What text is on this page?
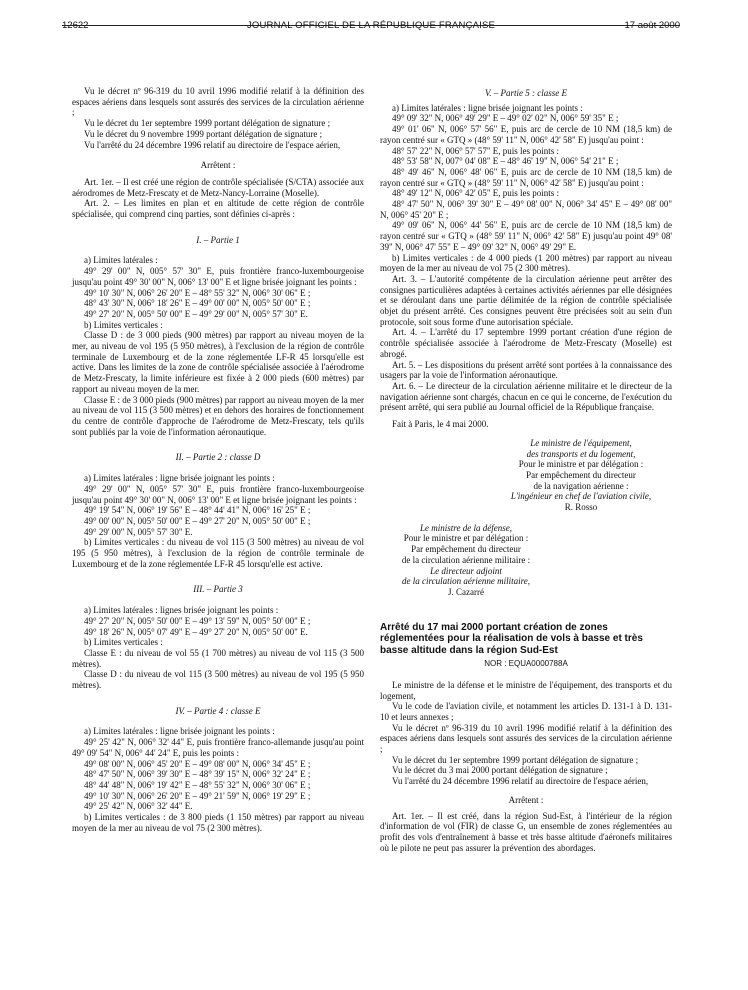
12622	JOURNAL OFFICIEL DE LA RÉPUBLIQUE FRANÇAISE	17 août 2000

Vu le décret nº 96-319 du 10 avril 1996 modifié relatif à la définition des espaces aériens dans lesquels sont assurés des services de la circulation aérienne ;

Vu le décret du 1er septembre 1999 portant délégation de signature ;

Vu le décret du 9 novembre 1999 portant délégation de signature ;

Vu l'arrêté du 24 décembre 1996 relatif au directoire de l'espace aérien,

Arrêtent :

Art. 1er. – Il est créé une région de contrôle spécialisée (S/CTA) associée aux aérodromes de Metz-Frescaty et de Metz-Nancy-Lorraine (Moselle).

Art. 2. – Les limites en plan et en altitude de cette région de contrôle spécialisée, qui comprend cinq parties, sont définies ci-après :

I. – Partie 1

a) Limites latérales :

49° 29' 00" N, 005° 57' 30" E, puis frontière franco-luxembourgeoise jusqu'au point 49° 30' 00" N, 006° 13' 00" E et ligne brisée joignant les points :

49° 10' 30" N, 006° 26' 20" E – 48° 55' 32" N, 006° 30' 06" E ;

48° 43' 30" N, 006° 18' 26" E – 49° 00' 00" N, 005° 50' 00" E ;

49° 27' 20" N, 005° 50' 00" E – 49° 29' 00" N, 005° 57' 30" E.

b) Limites verticales :

Classe D : de 3 000 pieds (900 mètres) par rapport au niveau moyen de la mer, au niveau de vol 195 (5 950 mètres), à l'exclusion de la région de contrôle terminale de Luxembourg et de la zone réglementée LF-R 45 lorsqu'elle est active. Dans les limites de la zone de contrôle spécialisée associée à l'aérodrome de Metz-Frescaty, la limite inférieure est fixée à 2 000 pieds (600 mètres) par rapport au niveau moyen de la mer.

Classe E : de 3 000 pieds (900 mètres) par rapport au niveau moyen de la mer au niveau de vol 115 (3 500 mètres) et en dehors des horaires de fonctionnement du centre de contrôle d'approche de l'aérodrome de Metz-Frescaty, tels qu'ils sont publiés par la voie de l'information aéronautique.

II. – Partie 2 : classe D

a) Limites latérales : ligne brisée joignant les points :

49° 29' 00" N, 005° 57' 30" E, puis frontière franco-luxembourgeoise jusqu'au point 49° 30' 00" N, 006° 13' 00" E et ligne brisée joignant les points :

49° 19' 54" N, 006° 19' 56" E – 48° 44' 41" N, 006° 16' 25" E ;

49° 00' 00" N, 005° 50' 00" E – 49° 27' 20" N, 005° 50' 00" E ;

49° 29' 00" N, 005° 57' 30" E.

b) Limites verticales : du niveau de vol 115 (3 500 mètres) au niveau de vol 195 (5 950 mètres), à l'exclusion de la région de contrôle terminale de Luxembourg et de la zone réglementée LF-R 45 lorsqu'elle est active.

III. – Partie 3

a) Limites latérales : lignes brisée joignant les points :

49° 27' 20" N, 005° 50' 00" E – 49° 13' 59" N, 005° 50' 00" E ;

49° 18' 26" N, 005° 07' 49" E – 49° 27' 20" N, 005° 50' 00" E.

b) Limites verticales :

Classe E : du niveau de vol 55 (1 700 mètres) au niveau de vol 115 (3 500 mètres).

Classe D : du niveau de vol 115 (3 500 mètres) au niveau de vol 195 (5 950 mètres).

IV. – Partie 4 : classe E

a) Limites latérales : ligne brisée joignant les points :

49° 25' 42" N, 006° 32' 44" E, puis frontière franco-allemande jusqu'au point 49° 09' 54" N, 006° 44' 24" E, puis les points :

49° 08' 00" N, 006° 45' 20" E – 49° 08' 00" N, 006° 34' 45" E ;

48° 47' 50" N, 006° 39' 30" E – 48° 39' 15" N, 006° 32' 24" E ;

48° 44' 48" N, 006° 19' 42" E – 48° 55' 32" N, 006° 30' 06" E ;

49° 10' 30" N, 006° 26' 20" E – 49° 21' 59" N, 006° 19' 29" E ;

49° 25' 42" N, 006° 32' 44" E.

b) Limites verticales : de 3 800 pieds (1 150 mètres) par rapport au niveau moyen de la mer au niveau de vol 75 (2 300 mètres).

V. – Partie 5 : classe E

a) Limites latérales : ligne brisée joignant les points :

49° 09' 32" N, 006° 49' 29" E – 49° 02' 02" N, 006° 59' 35" E ;

49° 01' 06" N, 006° 57' 56" E, puis arc de cercle de 10 NM (18,5 km) de rayon centré sur « GTQ » (48° 59' 11" N, 006° 42' 58" E) jusqu'au point :

48° 57' 22" N, 006° 57' 57" E, puis les points :

48° 53' 58" N, 007° 04' 08" E – 48° 46' 19" N, 006° 54' 21" E ;

48° 49' 46" N, 006° 48' 06" E, puis arc de cercle de 10 NM (18,5 km) de rayon centré sur « GTQ » (48° 59' 11" N, 006° 42' 58" E) jusqu'au point :

48° 49' 12" N, 006° 42' 05" E, puis les points :

48° 47' 50" N, 006° 39' 30" E – 49° 08' 00" N, 006° 34' 45" E – 49° 08' 00" N, 006° 45' 20" E ;

49° 09' 06" N, 006° 44' 56" E, puis arc de cercle de 10 NM (18,5 km) de rayon centré sur « GTQ » (48° 59' 11" N, 006° 42' 58" E) jusqu'au point 49° 08' 39" N, 006° 47' 55" E – 49° 09' 32" N, 006° 49' 29" E.

b) Limites verticales : de 4 000 pieds (1 200 mètres) par rapport au niveau moyen de la mer au niveau de vol 75 (2 300 mètres).

Art. 3. – L'autorité compétente de la circulation aérienne peut arrêter des consignes particulières adaptées à certaines activités aériennes par elle désignées et se déroulant dans une partie délimitée de la région de contrôle spécialisée objet du présent arrêté. Ces consignes peuvent être précisées soit au sein d'un protocole, soit sous forme d'une autorisation spéciale.

Art. 4. – L'arrêté du 17 septembre 1999 portant création d'une région de contrôle spécialisée associée à l'aérodrome de Metz-Frescaty (Moselle) est abrogé.

Art. 5. – Les dispositions du présent arrêté sont portées à la connaissance des usagers par la voie de l'information aéronautique.

Art. 6. – Le directeur de la circulation aérienne militaire et le directeur de la navigation aérienne sont chargés, chacun en ce qui le concerne, de l'exécution du présent arrêté, qui sera publié au Journal officiel de la République française.

Fait à Paris, le 4 mai 2000.

Le ministre de l'équipement,

des transports et du logement,

Pour le ministre et par délégation :

Par empêchement du directeur

de la navigation aérienne :

L'ingénieur en chef de l'aviation civile,

R. Rosso

Le ministre de la défense,

Pour le ministre et par délégation :

Par empêchement du directeur

de la circulation aérienne militaire :

Le directeur adjoint

de la circulation aérienne militaire,

J. Cazarré

Arrêté du 17 mai 2000 portant création de zones réglementées pour la réalisation de vols à basse et très basse altitude dans la région Sud-Est

NOR : EQUA0000788A

Le ministre de la défense et le ministre de l'équipement, des transports et du logement,

Vu le code de l'aviation civile, et notamment les articles D. 131-1 à D. 131-10 et leurs annexes ;

Vu le décret nº 96-319 du 10 avril 1996 modifié relatif à la définition des espaces aériens dans lesquels sont assurés des services de la circulation aérienne ;

Vu le décret du 1er septembre 1999 portant délégation de signature ;

Vu le décret du 3 mai 2000 portant délégation de signature ;

Vu l'arrêté du 24 décembre 1996 relatif au directoire de l'espace aérien,

Arrêtent :

Art. 1er. – Il est créé, dans la région Sud-Est, à l'intérieur de la région d'information de vol (FIR) de classe G, un ensemble de zones réglementées au profit des vols d'entraînement à basse et très basse altitude d'aéronefs militaires où le pilote ne peut pas assurer la prévention des abordages.
